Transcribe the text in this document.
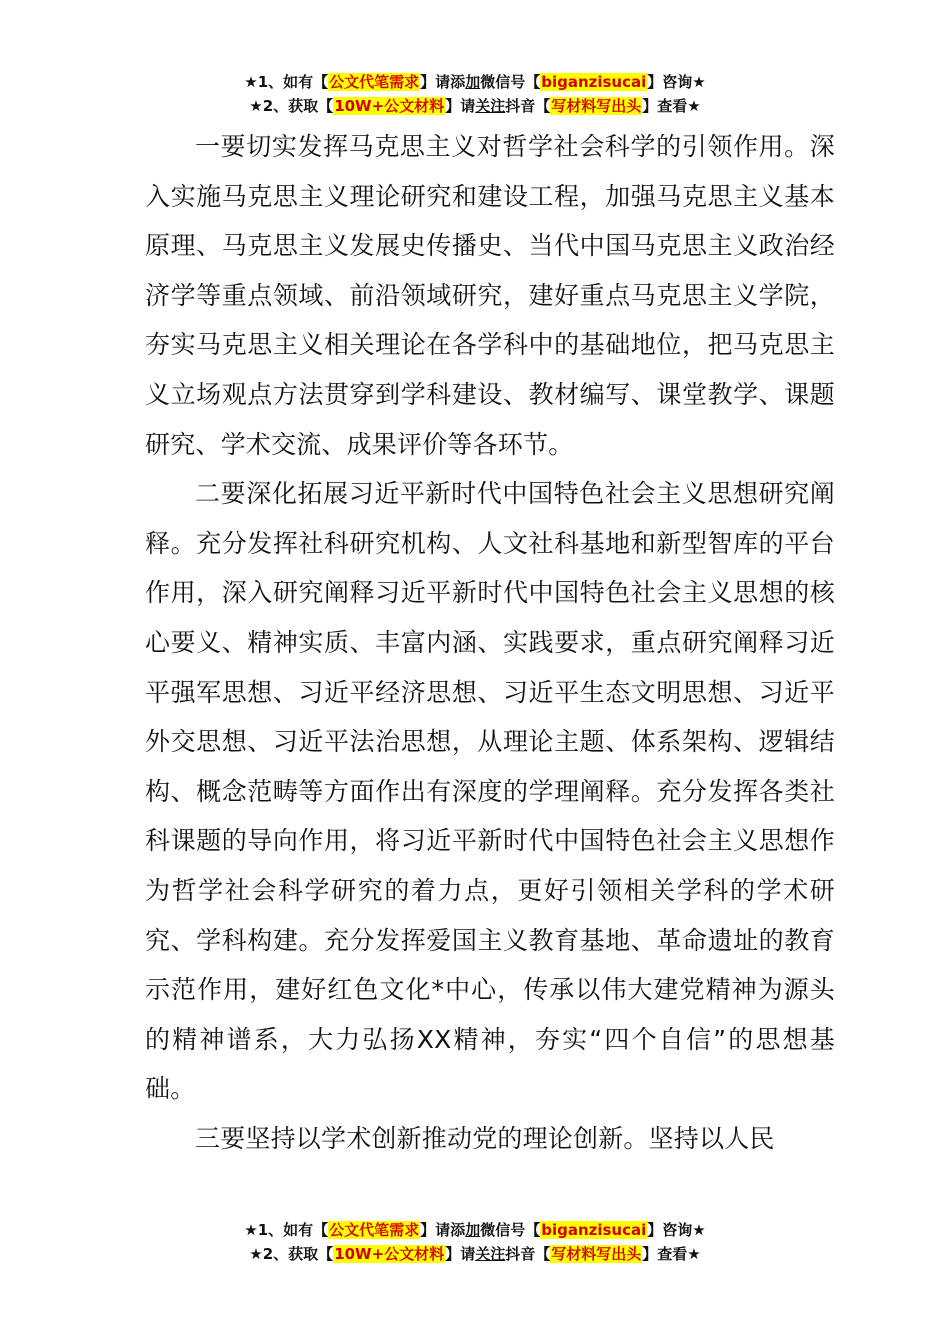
★1、如有【公文代笔需求】请添加微信号【biganzisucai】咨询★
★2、获取【10W+公文材料】请关注抖音【写材料写出头】查看★

一要切实发挥马克思主义对哲学社会科学的引领作用。深入实施马克思主义理论研究和建设工程，加强马克思主义基本原理、马克思主义发展史传播史、当代中国马克思主义政治经济学等重点领域、前沿领域研究，建好重点马克思主义学院，夯实马克思主义相关理论在各学科中的基础地位，把马克思主义立场观点方法贯穿到学科建设、教材编写、课堂教学、课题研究、学术交流、成果评价等各环节。

二要深化拓展习近平新时代中国特色社会主义思想研究阐释。充分发挥社科研究机构、人文社科基地和新型智库的平台作用，深入研究阐释习近平新时代中国特色社会主义思想的核心要义、精神实质、丰富内涵、实践要求，重点研究阐释习近平强军思想、习近平经济思想、习近平生态文明思想、习近平外交思想、习近平法治思想，从理论主题、体系架构、逻辑结构、概念范畴等方面作出有深度的学理阐释。充分发挥各类社科课题的导向作用，将习近平新时代中国特色社会主义思想作为哲学社会科学研究的着力点，更好引领相关学科的学术研究、学科构建。充分发挥爱国主义教育基地、革命遗址的教育示范作用，建好红色文化*中心，传承以伟大建党精神为源头的精神谱系，大力弘扬XX精神，夯实“四个自信”的思想基础。

三要坚持以学术创新推动党的理论创新。坚持以人民

★1、如有【公文代笔需求】请添加微信号【biganzisucai】咨询★
★2、获取【10W+公文材料】请关注抖音【写材料写出头】查看★
